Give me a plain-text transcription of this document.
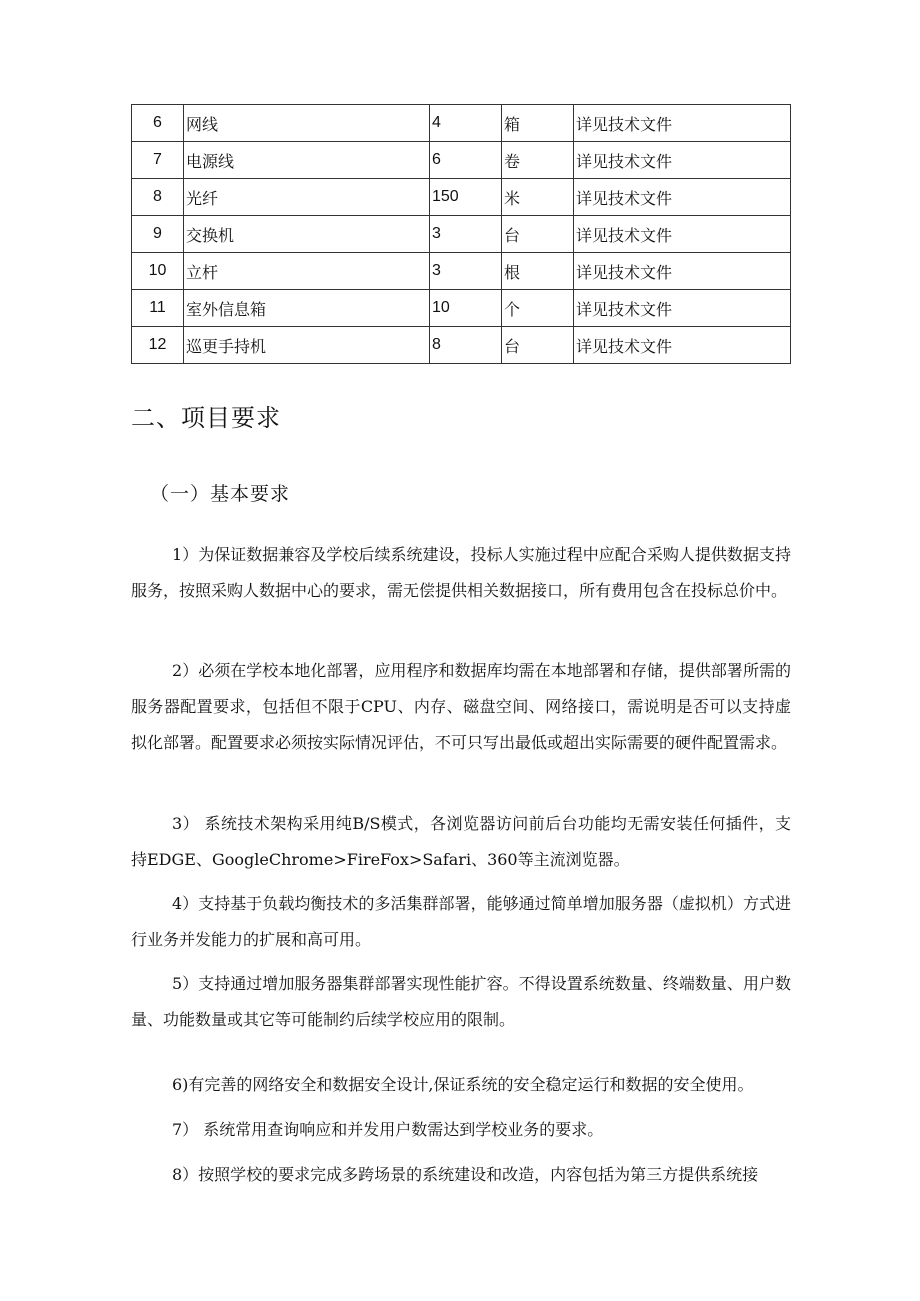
6	网线	4	箱	详见技术文件
7	电源线	6	卷	详见技术文件
8	光纤	150	米	详见技术文件
9	交换机	3	台	详见技术文件
10	立杆	3	根	详见技术文件
11	室外信息箱	10	个	详见技术文件
12	巡更手持机	8	台	详见技术文件
二、项目要求
（一）基本要求

1）为保证数据兼容及学校后续系统建设，投标人实施过程中应配合采购人提供数据支持服务，按照采购人数据中心的要求，需无偿提供相关数据接口，所有费用包含在投标总价中。

2）必须在学校本地化部署，应用程序和数据库均需在本地部署和存储，提供部署所需的服务器配置要求，包括但不限于CPU、内存、磁盘空间、网络接口，需说明是否可以支持虚拟化部署。配置要求必须按实际情况评估，不可只写出最低或超出实际需要的硬件配置需求。

3） 系统技术架构采用纯B/S模式，各浏览器访问前后台功能均无需安装任何插件，支持EDGE、GoogleChrome>FireFox>Safari、360等主流浏览器。

4）支持基于负载均衡技术的多活集群部署，能够通过简单增加服务器（虚拟机）方式进行业务并发能力的扩展和高可用。

5）支持通过增加服务器集群部署实现性能扩容。不得设置系统数量、终端数量、用户数量、功能数量或其它等可能制约后续学校应用的限制。

6)有完善的网络安全和数据安全设计,保证系统的安全稳定运行和数据的安全使用。

7） 系统常用查询响应和并发用户数需达到学校业务的要求。

8）按照学校的要求完成多跨场景的系统建设和改造，内容包括为第三方提供系统接
